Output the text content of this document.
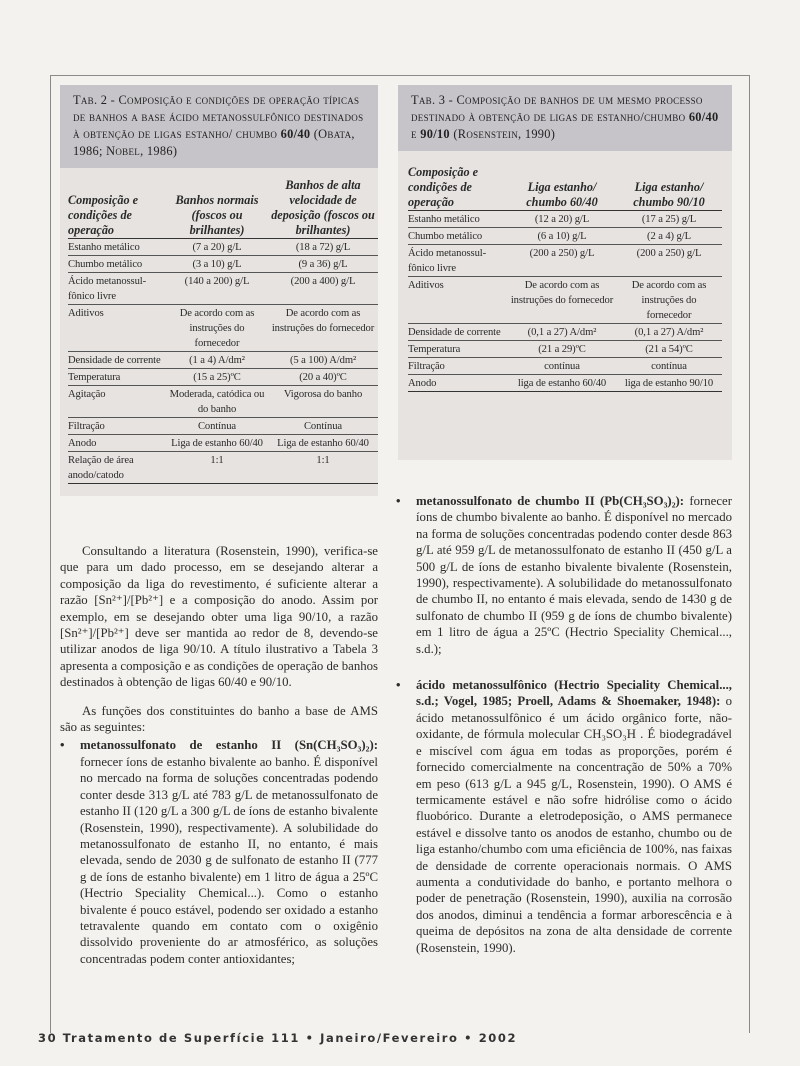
Tab. 2 - Composição e condições de operação típicas de banhos a base ácido metanossulfônico destinados à obtenção de ligas estanho/ chumbo 60/40 (Obata, 1986; Nobel, 1986)
Composição e condições de operação	Banhos normais (foscos ou brilhantes)	Banhos de alta velocidade de deposição (foscos ou brilhantes)
Estanho metálico	(7 a 20) g/L	(18 a 72) g/L
Chumbo metálico	(3 a 10) g/L	(9 a 36) g/L
Ácido metanossul-fônico livre	(140 a 200) g/L	(200 a 400) g/L
Aditivos	De acordo com as instruções do fornecedor	De acordo com as instruções do fornecedor
Densidade de corrente	(1 a 4) A/dm²	(5 a 100) A/dm²
Temperatura	(15 a 25)ºC	(20 a 40)ºC
Agitação	Moderada, catódica ou do banho	Vigorosa do banho
Filtração	Contínua	Contínua
Anodo	Liga de estanho 60/40	Liga de estanho 60/40
Relação de área anodo/catodo	1:1	1:1
Tab. 3 - Composição de banhos de um mesmo processo destinado à obtenção de ligas de estanho/chumbo 60/40 e 90/10 (Rosenstein, 1990)
Composição e condições de operação	Liga estanho/ chumbo 60/40	Liga estanho/ chumbo 90/10
Estanho metálico	(12 a 20) g/L	(17 a 25) g/L
Chumbo metálico	(6 a 10) g/L	(2 a 4) g/L
Ácido metanossul-fônico livre	(200 a 250) g/L	(200 a 250) g/L
Aditivos	De acordo com as instruções do fornecedor	De acordo com as instruções do fornecedor
Densidade de corrente	(0,1 a 27) A/dm²	(0,1 a 27) A/dm²
Temperatura	(21 a 29)ºC	(21 a 54)ºC
Filtração	contínua	contínua
Anodo	liga de estanho 60/40	liga de estanho 90/10

Consultando a literatura (Rosenstein, 1990), verifica-se que para um dado processo, em se desejando alterar a composição da liga do revestimento, é suficiente alterar a razão [Sn²⁺]/[Pb²⁺] e a composição do anodo. Assim por exemplo, em se desejando obter uma liga 90/10, a razão [Sn²⁺]/[Pb²⁺] deve ser mantida ao redor de 8, devendo-se utilizar anodos de liga 90/10. A título ilustrativo a Tabela 3 apresenta a composição e as condições de operação de banhos destinados à obtenção de ligas 60/40 e 90/10.

As funções dos constituintes do banho a base de AMS são as seguintes:

•	metanossulfonato de estanho II (Sn(CH₃SO₃)₂): fornecer íons de estanho bivalente ao banho. É disponível no mercado na forma de soluções concentradas podendo conter desde 313 g/L até 783 g/L de metanossulfonato de estanho II (120 g/L a 300 g/L de íons de estanho bivalente (Rosenstein, 1990), respectivamente). A solubilidade do metanossulfonato de estanho II, no entanto, é mais elevada, sendo de 2030 g de sulfonato de estanho II (777 g de íons de estanho bivalente) em 1 litro de água a 25ºC (Hectrio Speciality Chemical...). Como o estanho bivalente é pouco estável, podendo ser oxidado a estanho tetravalente quando em contato com o oxigênio dissolvido proveniente do ar atmosférico, as soluções concentradas podem conter antioxidantes;
•	metanossulfonato de chumbo II (Pb(CH₃SO₃)₂): fornecer íons de chumbo bivalente ao banho. É disponível no mercado na forma de soluções concentradas podendo conter desde 863 g/L até 959 g/L de metanossulfonato de estanho II (450 g/L a 500 g/L de íons de estanho bivalente bivalente (Rosenstein, 1990), respectivamente). A solubilidade do metanossulfonato de chumbo II, no entanto é mais elevada, sendo de 1430 g de sulfonato de chumbo II (959 g de íons de chumbo bivalente) em 1 litro de água a 25ºC (Hectrio Speciality Chemical..., s.d.);
•	ácido metanossulfônico (Hectrio Speciality Chemical..., s.d.; Vogel, 1985; Proell, Adams & Shoemaker, 1948): o ácido metanossulfônico é um ácido orgânico forte, não-oxidante, de fórmula molecular CH₃SO₃H . É biodegradável e miscível com água em todas as proporções, porém é fornecido comercialmente na concentração de 50% a 70% em peso (613 g/L a 945 g/L, Rosenstein, 1990). O AMS é termicamente estável e não sofre hidrólise como o ácido fluobórico. Durante a eletrodeposição, o AMS permanece estável e dissolve tanto os anodos de estanho, chumbo ou de liga estanho/chumbo com uma eficiência de 100%, nas faixas de densidade de corrente operacionais normais. O AMS aumenta a condutividade do banho, e portanto melhora o poder de penetração (Rosenstein, 1990), auxilia na corrosão dos anodos, diminui a tendência a formar arborescência e à queima de depósitos na zona de alta densidade de corrente (Rosenstein, 1990).
30 Tratamento de Superfície 111 • Janeiro/Fevereiro • 2002
